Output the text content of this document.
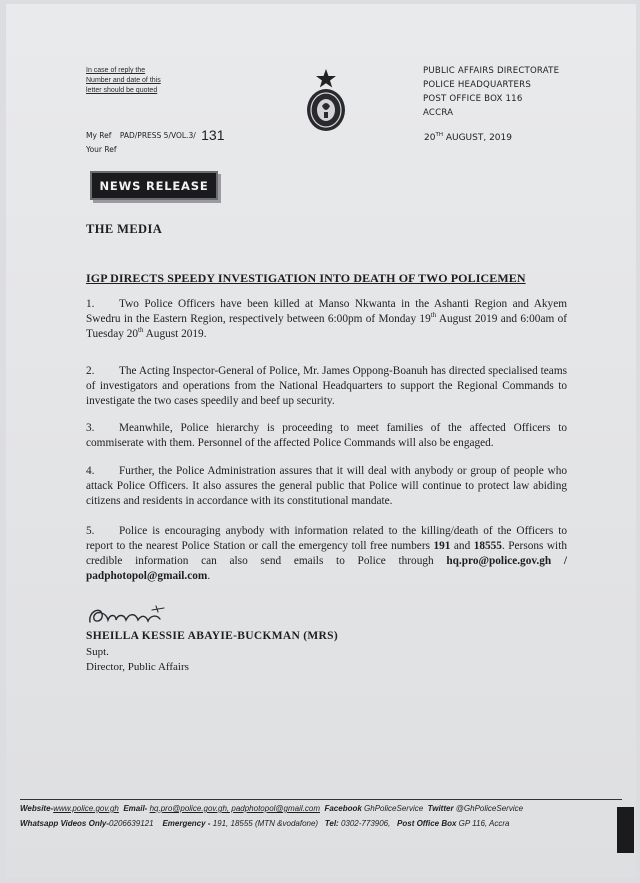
In case of reply the
Number and date of this
letter should be quoted
PUBLIC AFFAIRS DIRECTORATE
POLICE HEADQUARTERS
POST OFFICE BOX 116
ACCRA
20TH AUGUST, 2019
My Ref PAD/PRESS 5/VOL.3/ 131
Your Ref
NEWS RELEASE
THE MEDIA
IGP DIRECTS SPEEDY INVESTIGATION INTO DEATH OF TWO POLICEMEN
1. Two Police Officers have been killed at Manso Nkwanta in the Ashanti Region and Akyem Swedru in the Eastern Region, respectively between 6:00pm of Monday 19th August 2019 and 6:00am of Tuesday 20th August 2019.
2. The Acting Inspector-General of Police, Mr. James Oppong-Boanuh has directed specialised teams of investigators and operations from the National Headquarters to support the Regional Commands to investigate the two cases speedily and beef up security.
3. Meanwhile, Police hierarchy is proceeding to meet families of the affected Officers to commiserate with them. Personnel of the affected Police Commands will also be engaged.
4. Further, the Police Administration assures that it will deal with anybody or group of people who attack Police Officers. It also assures the general public that Police will continue to protect law abiding citizens and residents in accordance with its constitutional mandate.
5. Police is encouraging anybody with information related to the killing/death of the Officers to report to the nearest Police Station or call the emergency toll free numbers 191 and 18555. Persons with credible information can also send emails to Police through hq.pro@police.gov.gh / padphotopol@gmail.com.
SHEILLA KESSIE ABAYIE-BUCKMAN (MRS)
Supt.
Director, Public Affairs
Website-www.police.gov.gh Email- hq.pro@police.gov.gh, padphotopol@gmail.com Facebook GhPoliceService Twitter @GhPoliceService
Whatsapp Videos Only-0206639121 Emergency - 191, 18555 (MTN &vodafone) Tel: 0302-773906, Post Office Box GP 116, Accra
